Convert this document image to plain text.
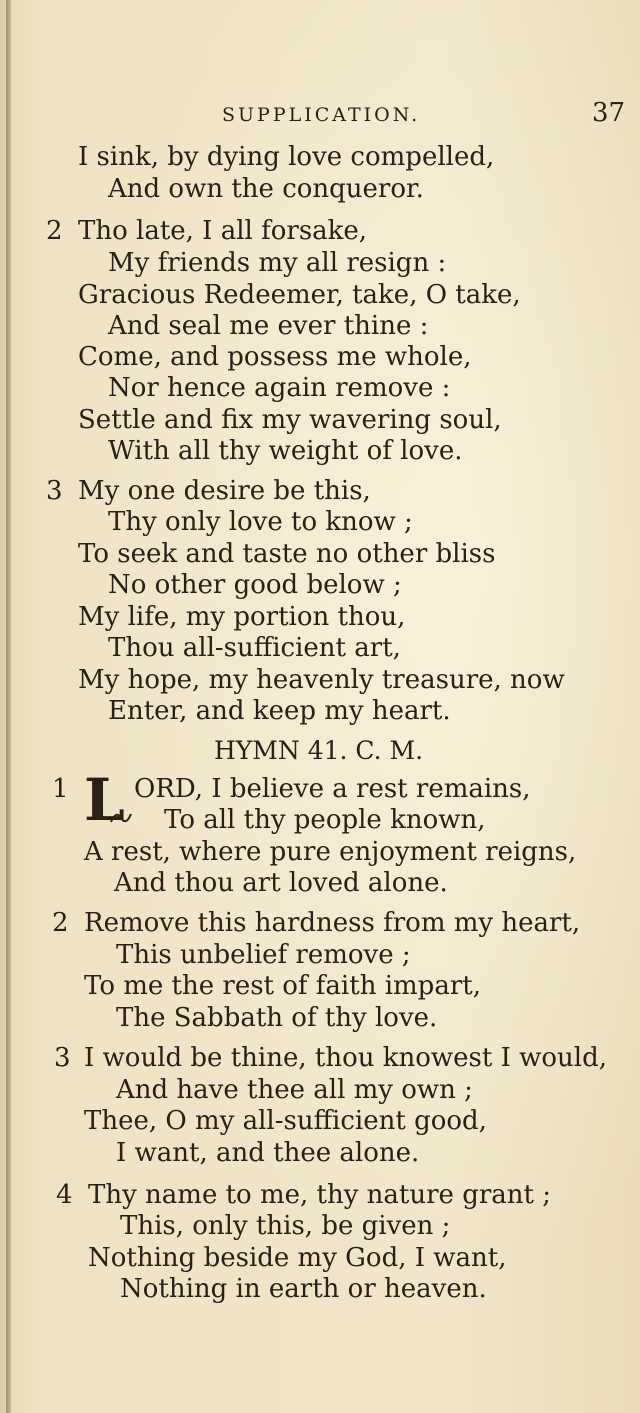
SUPPLICATION.	37
I sink, by dying love compelled,
And own the conqueror.
2 Tho late, I all forsake,
My friends my all resign :
Gracious Redeemer, take, O take,
And seal me ever thine :
Come, and possess me whole,
Nor hence again remove :
Settle and fix my wavering soul,
With all thy weight of love.
3 My one desire be this,
Thy only love to know ;
To seek and taste no other bliss
No other good below ;
My life, my portion thou,
Thou all-sufficient art,
My hope, my heavenly treasure, now
Enter, and keep my heart.
HYMN 41. C. M.
1 L ORD, I believe a rest remains,
To all thy people known,
A rest, where pure enjoyment reigns,
And thou art loved alone.
2 Remove this hardness from my heart,
This unbelief remove ;
To me the rest of faith impart,
The Sabbath of thy love.
3 I would be thine, thou knowest I would,
And have thee all my own ;
Thee, O my all-sufficient good,
I want, and thee alone.
4 Thy name to me, thy nature grant ;
This, only this, be given ;
Nothing beside my God, I want,
Nothing in earth or heaven.
